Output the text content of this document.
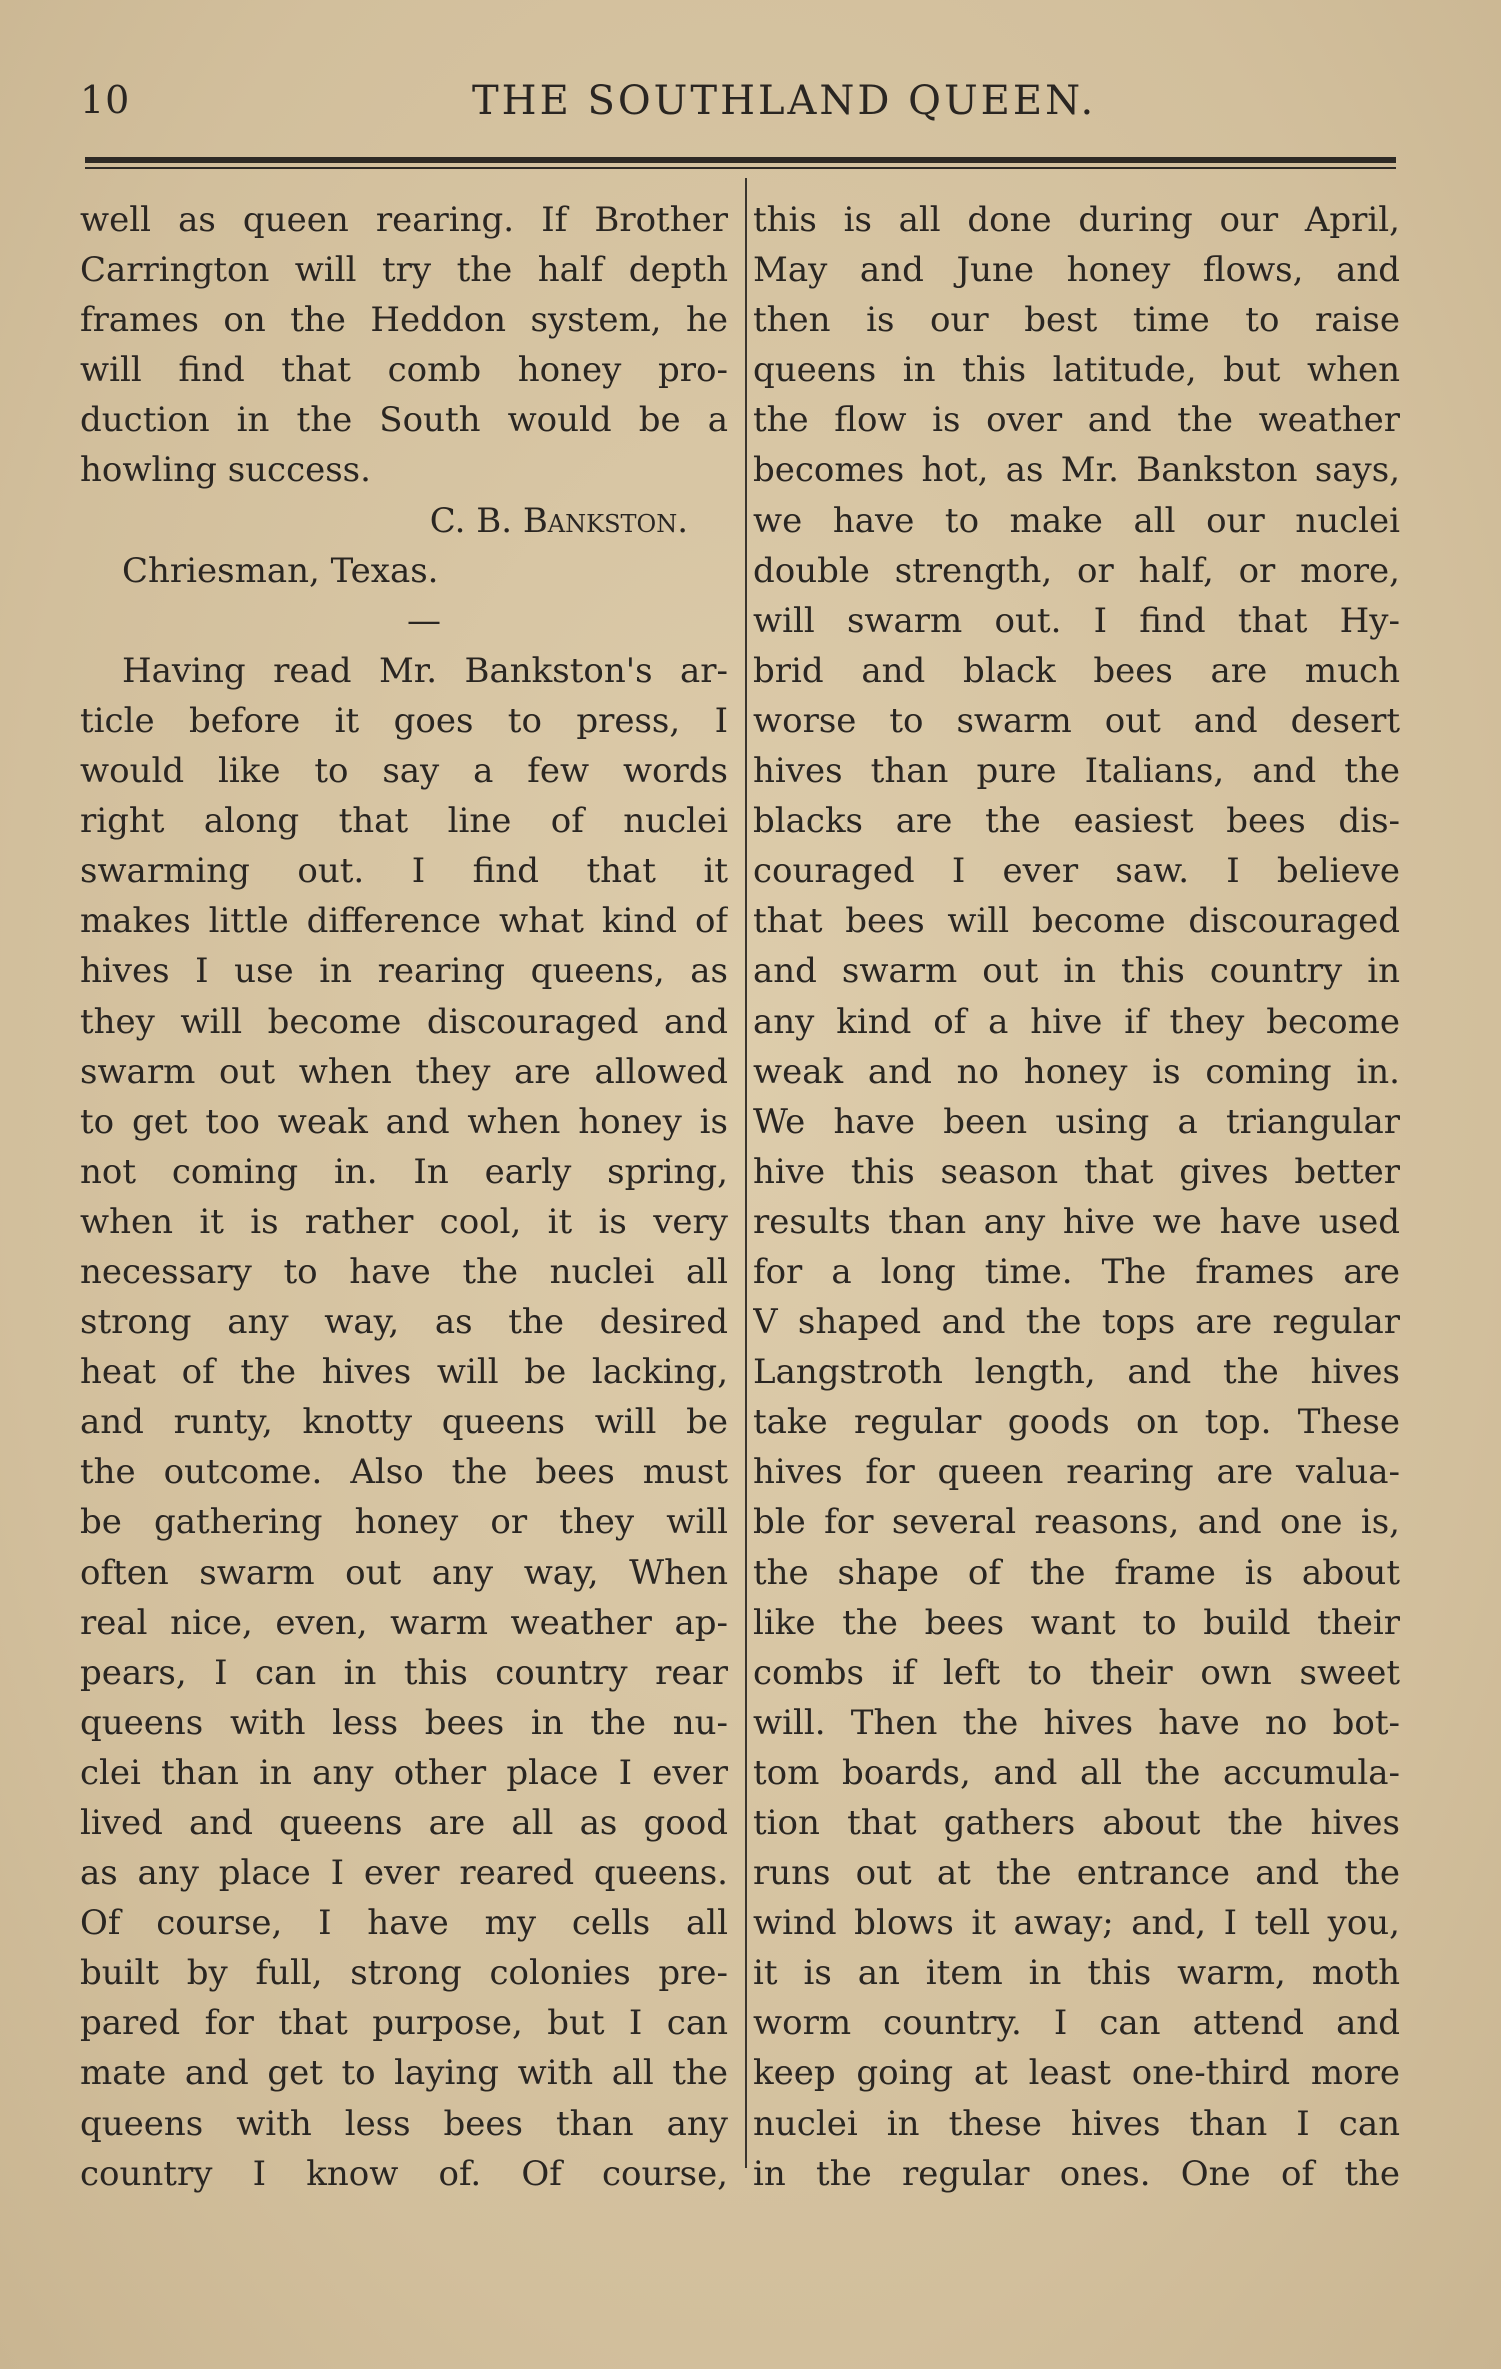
10	THE SOUTHLAND QUEEN.
well as queen rearing. If Brother
Carrington will try the half depth
frames on the Heddon system, he
will find that comb honey pro-
duction in the South would be a
howling success.
C. B. Bankston.
Chriesman, Texas.
—
Having read Mr. Bankston's ar-
ticle before it goes to press, I
would like to say a few words
right along that line of nuclei
swarming out. I find that it
makes little difference what kind of
hives I use in rearing queens, as
they will become discouraged and
swarm out when they are allowed
to get too weak and when honey is
not coming in. In early spring,
when it is rather cool, it is very
necessary to have the nuclei all
strong any way, as the desired
heat of the hives will be lacking,
and runty, knotty queens will be
the outcome. Also the bees must
be gathering honey or they will
often swarm out any way, When
real nice, even, warm weather ap-
pears, I can in this country rear
queens with less bees in the nu-
clei than in any other place I ever
lived and queens are all as good
as any place I ever reared queens.
Of course, I have my cells all
built by full, strong colonies pre-
pared for that purpose, but I can
mate and get to laying with all the
queens with less bees than any
country I know of. Of course,
this is all done during our April,
May and June honey flows, and
then is our best time to raise
queens in this latitude, but when
the flow is over and the weather
becomes hot, as Mr. Bankston says,
we have to make all our nuclei
double strength, or half, or more,
will swarm out. I find that Hy-
brid and black bees are much
worse to swarm out and desert
hives than pure Italians, and the
blacks are the easiest bees dis-
couraged I ever saw. I believe
that bees will become discouraged
and swarm out in this country in
any kind of a hive if they become
weak and no honey is coming in.
We have been using a triangular
hive this season that gives better
results than any hive we have used
for a long time. The frames are
V shaped and the tops are regular
Langstroth length, and the hives
take regular goods on top. These
hives for queen rearing are valua-
ble for several reasons, and one is,
the shape of the frame is about
like the bees want to build their
combs if left to their own sweet
will. Then the hives have no bot-
tom boards, and all the accumula-
tion that gathers about the hives
runs out at the entrance and the
wind blows it away; and, I tell you,
it is an item in this warm, moth
worm country. I can attend and
keep going at least one-third more
nuclei in these hives than I can
in the regular ones. One of the
